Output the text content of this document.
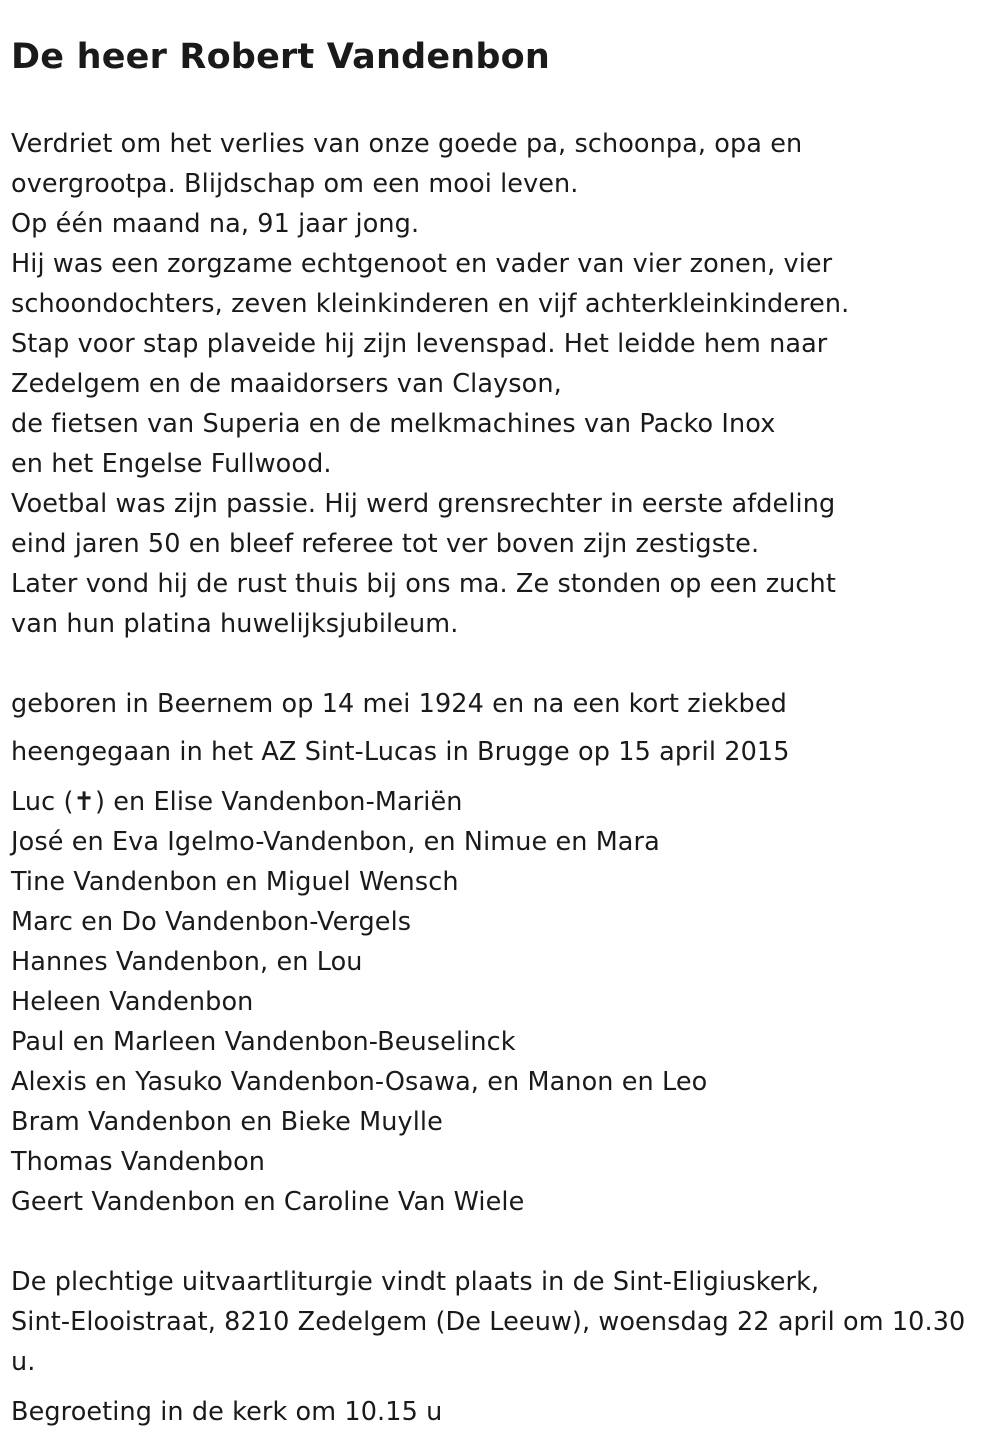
De heer Robert Vandenbon
Verdriet om het verlies van onze goede pa, schoonpa, opa en
overgrootpa. Blijdschap om een mooi leven.
Op één maand na, 91 jaar jong.
Hij was een zorgzame echtgenoot en vader van vier zonen, vier
schoondochters, zeven kleinkinderen en vijf achterkleinkinderen.
Stap voor stap plaveide hij zijn levenspad. Het leidde hem naar
Zedelgem en de maaidorsers van Clayson,
de fietsen van Superia en de melkmachines van Packo Inox
en het Engelse Fullwood.
Voetbal was zijn passie. Hij werd grensrechter in eerste afdeling
eind jaren 50 en bleef referee tot ver boven zijn zestigste.
Later vond hij de rust thuis bij ons ma. Ze stonden op een zucht
van hun platina huwelijksjubileum.
geboren in Beernem op 14 mei 1924 en na een kort ziekbed
heengegaan in het AZ Sint-Lucas in Brugge op 15 april 2015
Luc (✝) en Elise Vandenbon-Mariën
José en Eva Igelmo-Vandenbon, en Nimue en Mara
Tine Vandenbon en Miguel Wensch
Marc en Do Vandenbon-Vergels
Hannes Vandenbon, en Lou
Heleen Vandenbon
Paul en Marleen Vandenbon-Beuselinck
Alexis en Yasuko Vandenbon-Osawa, en Manon en Leo
Bram Vandenbon en Bieke Muylle
Thomas Vandenbon
Geert Vandenbon en Caroline Van Wiele
De plechtige uitvaartliturgie vindt plaats in de Sint-Eligiuskerk,
Sint-Elooistraat, 8210 Zedelgem (De Leeuw), woensdag 22 april om 10.30
u.
Begroeting in de kerk om 10.15 u
